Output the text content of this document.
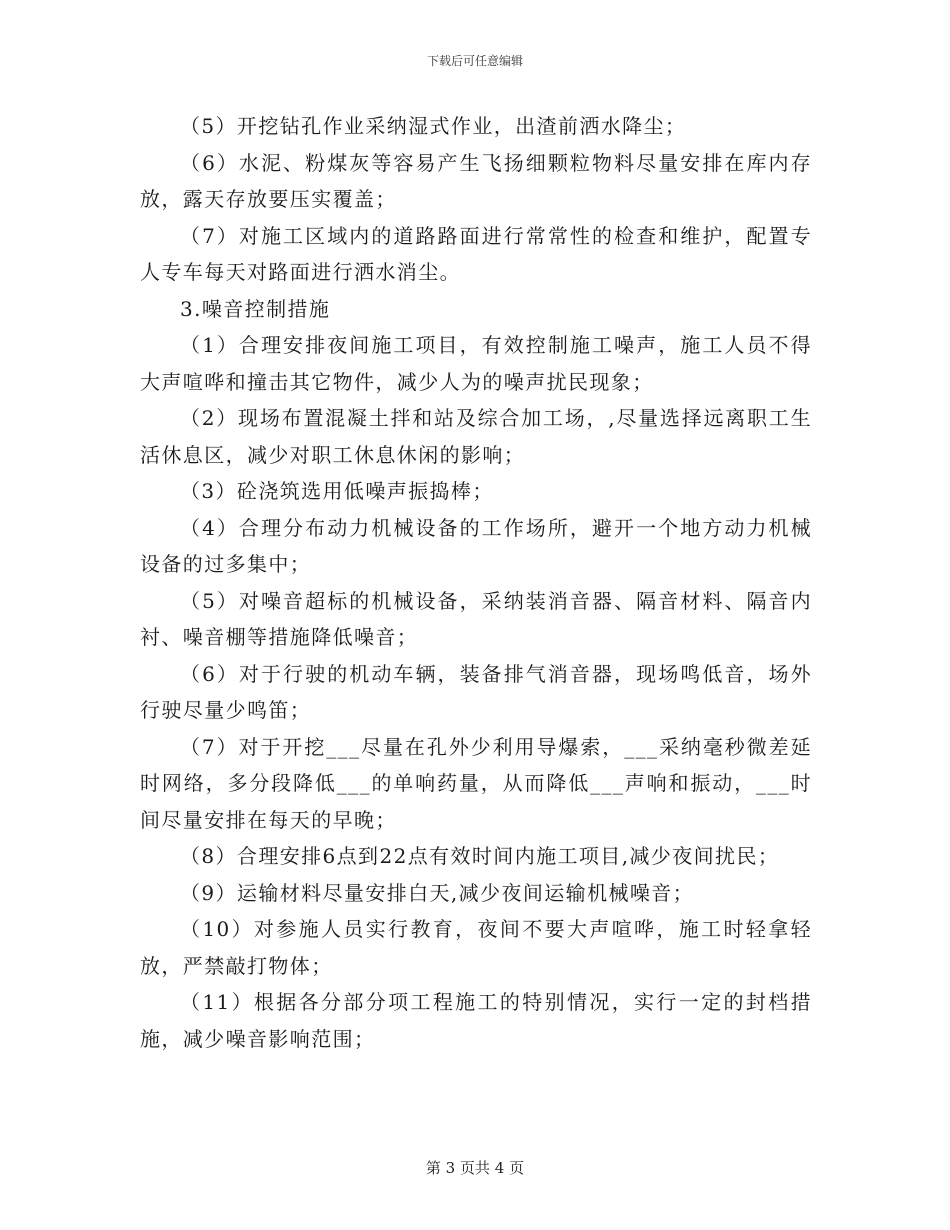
下载后可任意编辑

（5）开挖钻孔作业采纳湿式作业，出渣前洒水降尘；

（6）水泥、粉煤灰等容易产生飞扬细颗粒物料尽量安排在库内存放，露天存放要压实覆盖；

（7）对施工区域内的道路路面进行常常性的检查和维护，配置专人专车每天对路面进行洒水消尘。

3.噪音控制措施

（1）合理安排夜间施工项目，有效控制施工噪声，施工人员不得大声喧哗和撞击其它物件，减少人为的噪声扰民现象；

（2）现场布置混凝土拌和站及综合加工场，,尽量选择远离职工生活休息区，减少对职工休息休闲的影响；

（3）砼浇筑选用低噪声振捣棒；

（4）合理分布动力机械设备的工作场所，避开一个地方动力机械设备的过多集中；

（5）对噪音超标的机械设备，采纳装消音器、隔音材料、隔音内衬、噪音棚等措施降低噪音；

（6）对于行驶的机动车辆，装备排气消音器，现场鸣低音，场外行驶尽量少鸣笛；

（7）对于开挖___尽量在孔外少利用导爆索，___采纳毫秒微差延时网络，多分段降低___的单响药量，从而降低___声响和振动，___时间尽量安排在每天的早晚；

（8）合理安排6点到22点有效时间内施工项目,减少夜间扰民；

（9）运输材料尽量安排白天,减少夜间运输机械噪音；

（10）对参施人员实行教育，夜间不要大声喧哗，施工时轻拿轻放，严禁敲打物体；

（11）根据各分部分项工程施工的特别情况，实行一定的封档措施，减少噪音影响范围；

第 3 页共 4 页
